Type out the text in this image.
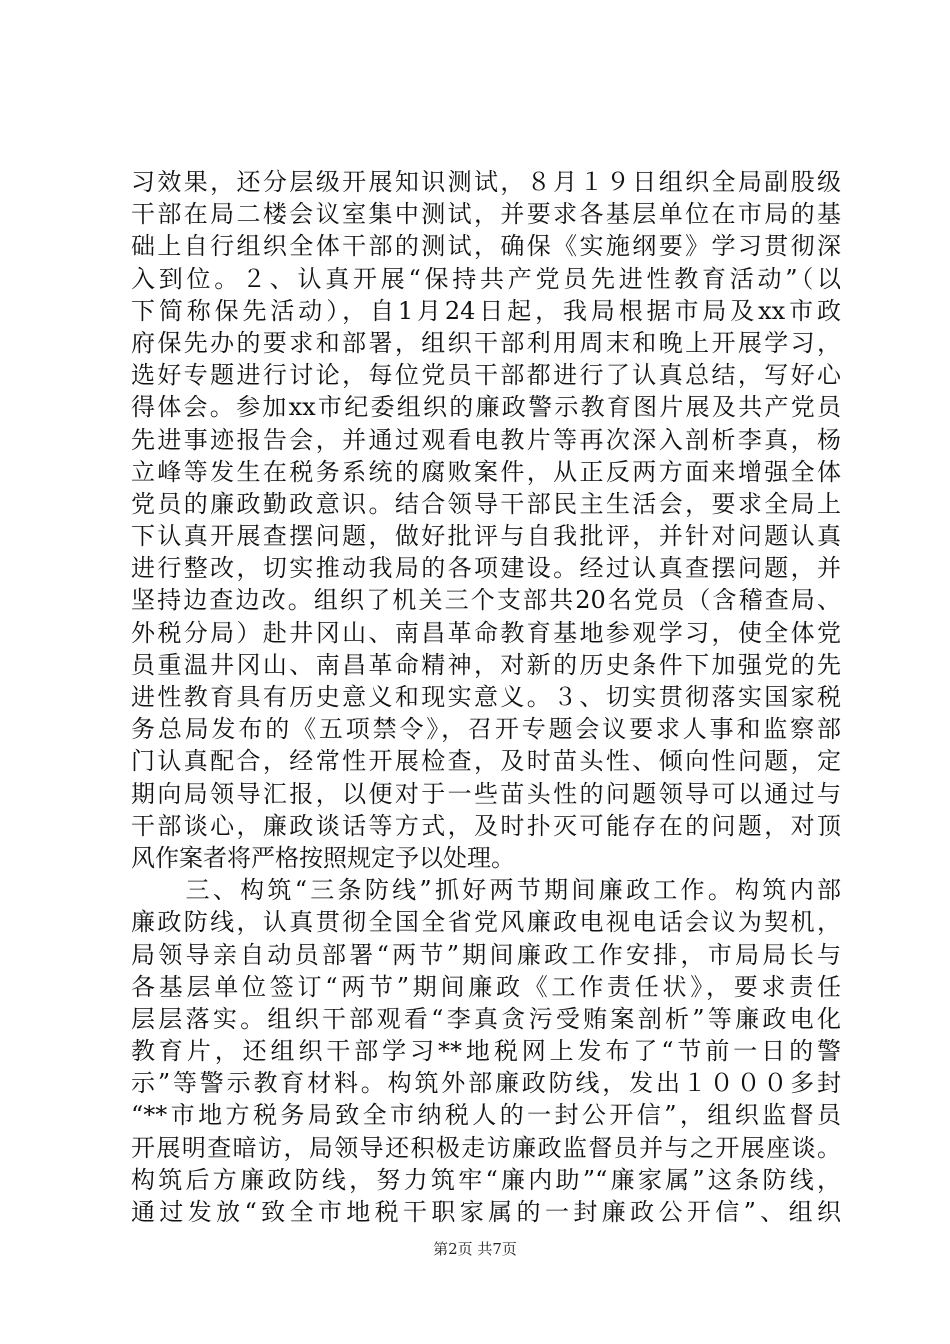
习效果，还分层级开展知识测试，８月１９日组织全局副股级
干部在局二楼会议室集中测试，并要求各基层单位在市局的基
础上自行组织全体干部的测试，确保《实施纲要》学习贯彻深
入到位。２、认真开展“保持共产党员先进性教育活动”（以
下简称保先活动），自1月24日起，我局根据市局及xx市政
府保先办的要求和部署，组织干部利用周末和晚上开展学习，
选好专题进行讨论，每位党员干部都进行了认真总结，写好心
得体会。参加xx市纪委组织的廉政警示教育图片展及共产党员
先进事迹报告会，并通过观看电教片等再次深入剖析李真，杨
立峰等发生在税务系统的腐败案件，从正反两方面来增强全体
党员的廉政勤政意识。结合领导干部民主生活会，要求全局上
下认真开展查摆问题，做好批评与自我批评，并针对问题认真
进行整改，切实推动我局的各项建设。经过认真查摆问题，并
坚持边查边改。组织了机关三个支部共20名党员（含稽查局、
外税分局）赴井冈山、南昌革命教育基地参观学习，使全体党
员重温井冈山、南昌革命精神，对新的历史条件下加强党的先
进性教育具有历史意义和现实意义。３、切实贯彻落实国家税
务总局发布的《五项禁令》，召开专题会议要求人事和监察部
门认真配合，经常性开展检查，及时苗头性、倾向性问题，定
期向局领导汇报，以便对于一些苗头性的问题领导可以通过与
干部谈心，廉政谈话等方式，及时扑灭可能存在的问题，对顶
风作案者将严格按照规定予以处理。
　　三、构筑“三条防线”抓好两节期间廉政工作。构筑内部
廉政防线，认真贯彻全国全省党风廉政电视电话会议为契机，
局领导亲自动员部署“两节”期间廉政工作安排，市局局长与
各基层单位签订“两节”期间廉政《工作责任状》，要求责任
层层落实。组织干部观看“李真贪污受贿案剖析”等廉政电化
教育片，还组织干部学习**地税网上发布了“节前一日的警
示”等警示教育材料。构筑外部廉政防线，发出１０００多封
“**市地方税务局致全市纳税人的一封公开信”，组织监督员
开展明查暗访，局领导还积极走访廉政监督员并与之开展座谈。
构筑后方廉政防线，努力筑牢“廉内助”“廉家属”这条防线，
通过发放“致全市地税干职家属的一封廉政公开信”、组织
第2页 共7页
